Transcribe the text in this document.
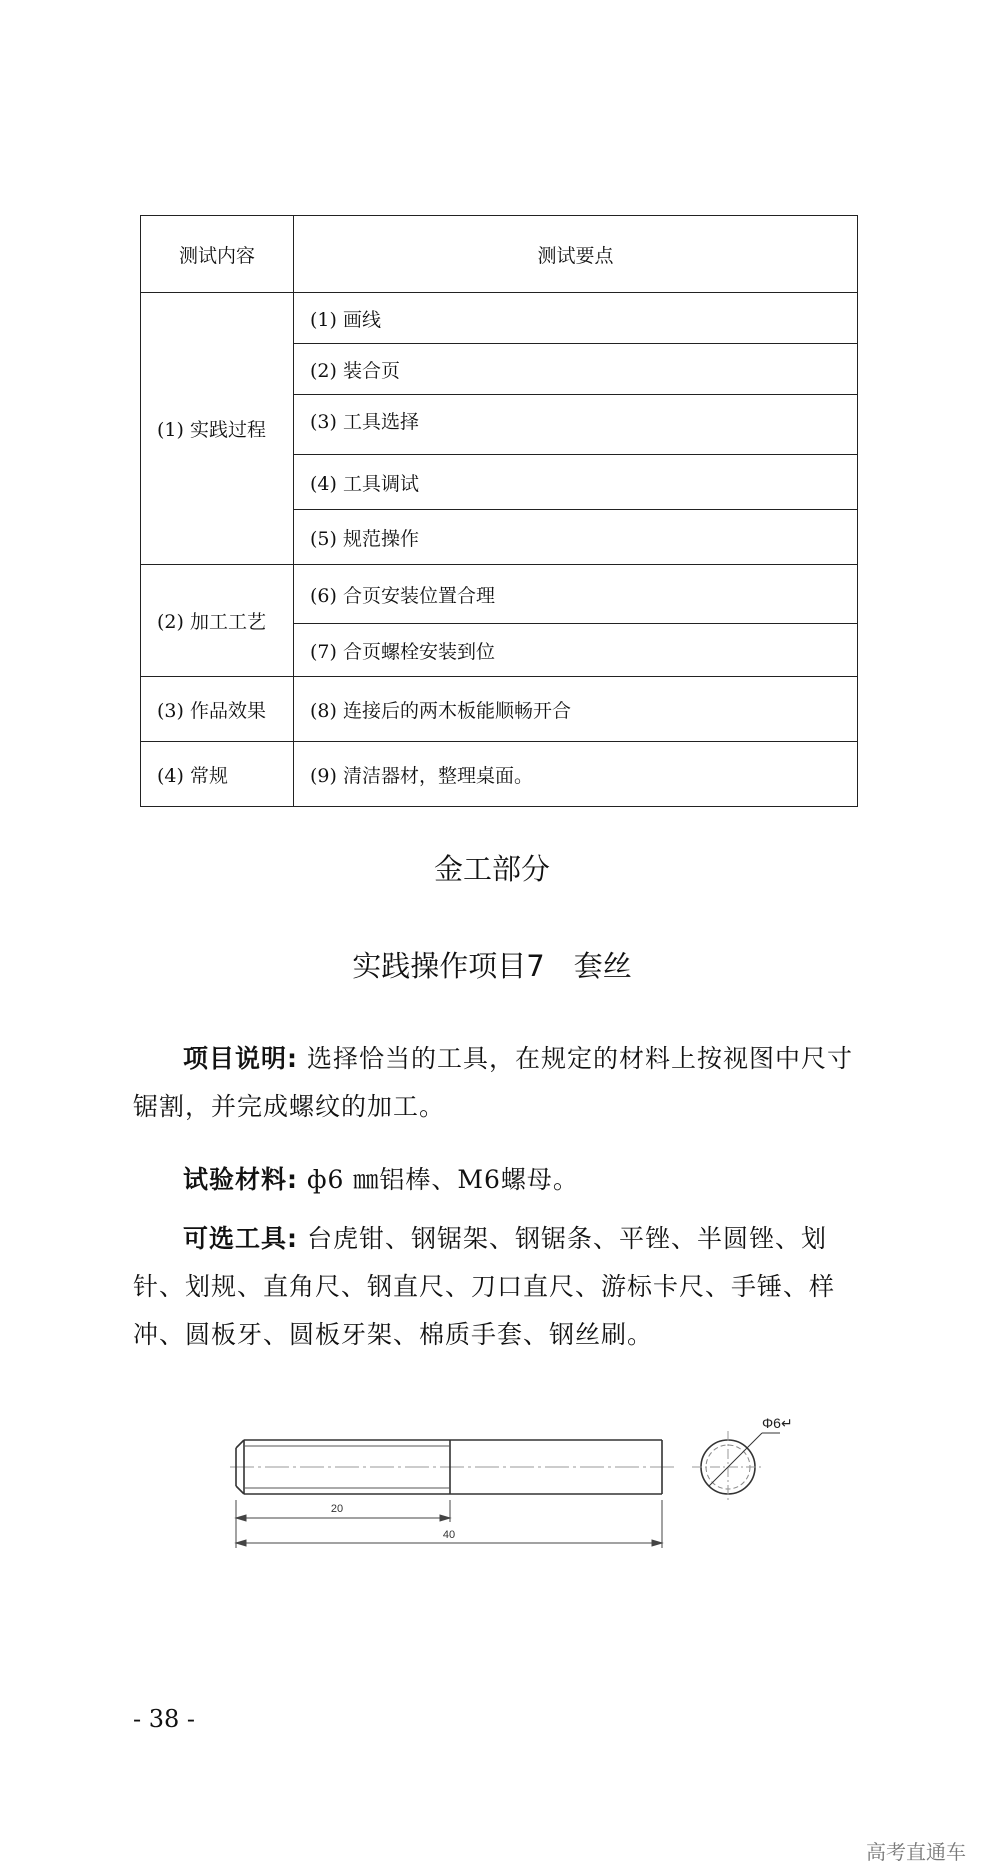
测试内容	测试要点
(1) 实践过程	(1) 画线
	(2) 装合页
	(3) 工具选择
	(4) 工具调试
	(5) 规范操作
(2) 加工工艺	(6) 合页安装位置合理
	(7) 合页螺栓安装到位
(3) 作品效果	(8) 连接后的两木板能顺畅开合
(4) 常规	(9) 清洁器材，整理桌面。
金工部分
实践操作项目7　套丝
项目说明: 选择恰当的工具，在规定的材料上按视图中尺寸锯割，并完成螺纹的加工。
试验材料: ф6 ㎜铝棒、M6螺母。
可选工具: 台虎钳、钢锯架、钢锯条、平锉、半圆锉、划针、划规、直角尺、钢直尺、刀口直尺、游标卡尺、手锤、样冲、圆板牙、圆板牙架、棉质手套、钢丝刷。
20
40
Φ6↵
- 38 -
高考直通车
